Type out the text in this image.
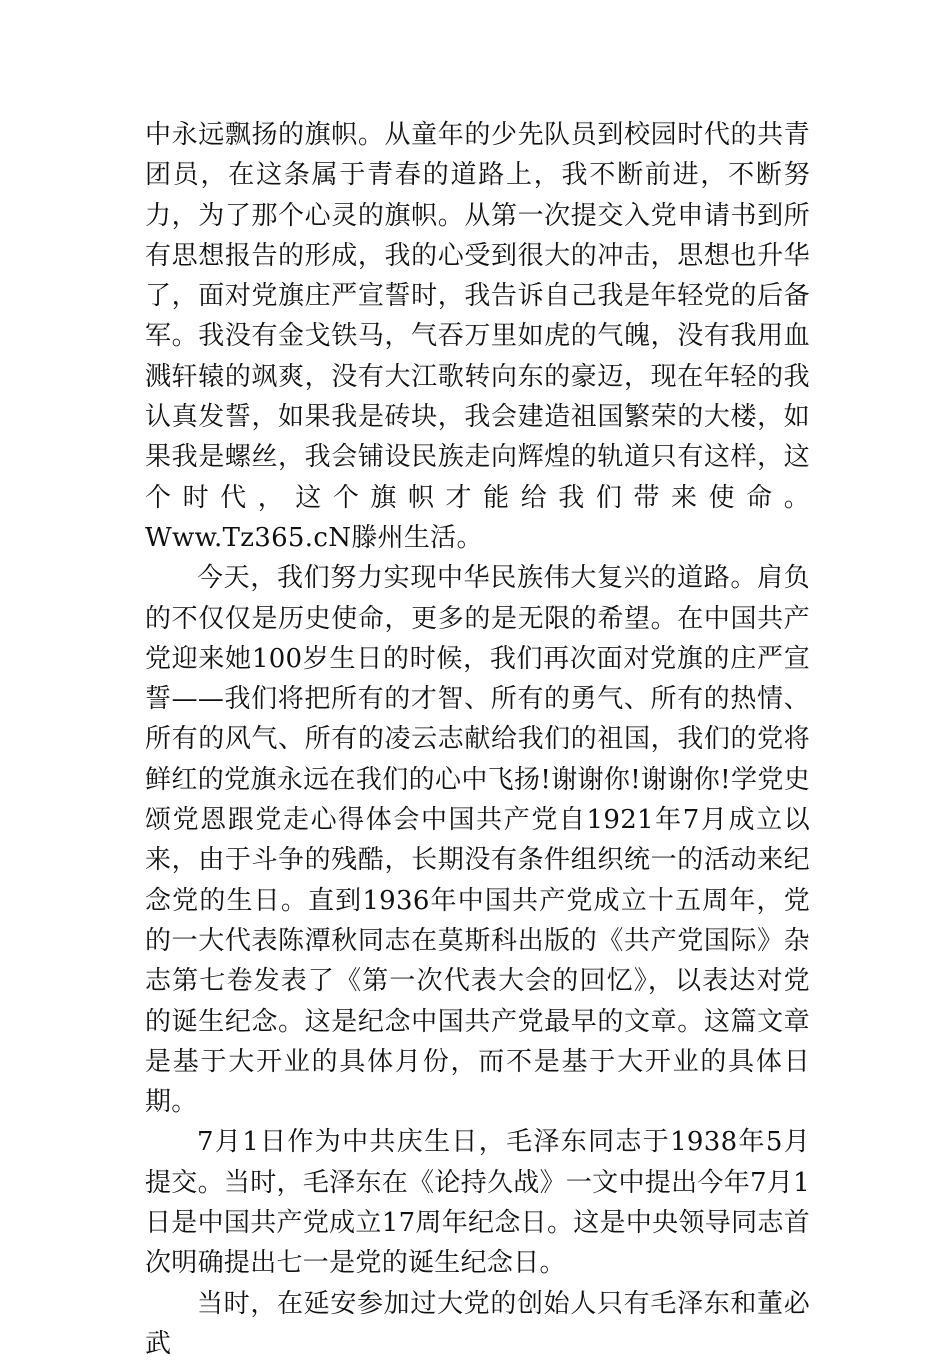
中永远飘扬的旗帜。从童年的少先队员到校园时代的共青团员，在这条属于青春的道路上，我不断前进，不断努力，为了那个心灵的旗帜。从第一次提交入党申请书到所有思想报告的形成，我的心受到很大的冲击，思想也升华了，面对党旗庄严宣誓时，我告诉自己我是年轻党的后备军。我没有金戈铁马，气吞万里如虎的气魄，没有我用血溅轩辕的飒爽，没有大江歌转向东的豪迈，现在年轻的我认真发誓，如果我是砖块，我会建造祖国繁荣的大楼，如果我是螺丝，我会铺设民族走向辉煌的轨道只有这样，这个时代，这个旗帜才能给我们带来使命。Www.Tz365.cN滕州生活。

今天，我们努力实现中华民族伟大复兴的道路。肩负的不仅仅是历史使命，更多的是无限的希望。在中国共产党迎来她100岁生日的时候，我们再次面对党旗的庄严宣誓——我们将把所有的才智、所有的勇气、所有的热情、所有的风气、所有的凌云志献给我们的祖国，我们的党将鲜红的党旗永远在我们的心中飞扬!谢谢你!谢谢你!学党史颂党恩跟党走心得体会中国共产党自1921年7月成立以来，由于斗争的残酷，长期没有条件组织统一的活动来纪念党的生日。直到1936年中国共产党成立十五周年，党的一大代表陈潭秋同志在莫斯科出版的《共产党国际》杂志第七卷发表了《第一次代表大会的回忆》，以表达对党的诞生纪念。这是纪念中国共产党最早的文章。这篇文章是基于大开业的具体月份，而不是基于大开业的具体日期。

7月1日作为中共庆生日，毛泽东同志于1938年5月提交。当时，毛泽东在《论持久战》一文中提出今年7月1日是中国共产党成立17周年纪念日。这是中央领导同志首次明确提出七一是党的诞生纪念日。

当时，在延安参加过大党的创始人只有毛泽东和董必武
